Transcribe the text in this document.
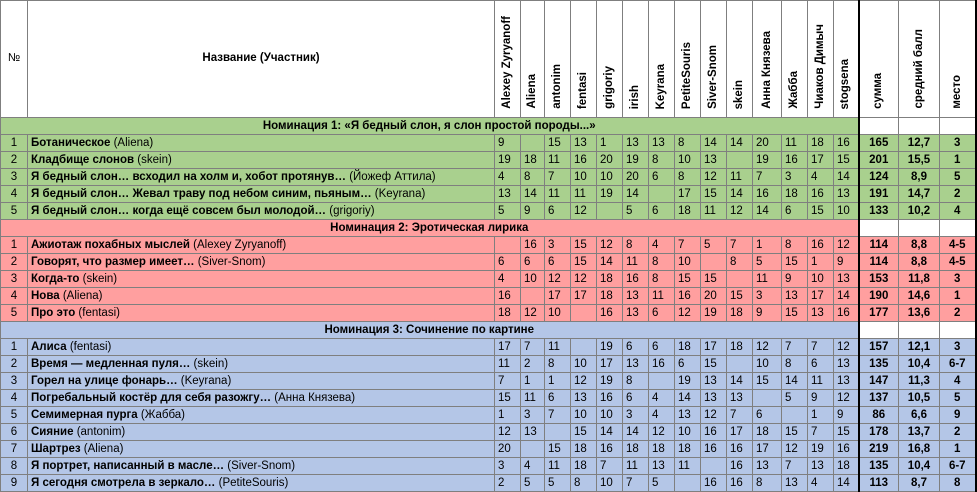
№	Название (Участник)	Alexey Zyryanoff	Aliena	antonim	fentasi	grigoriy	irish	Keyrana	PetiteSouris	Siver-Snom	skein	Анна Князева	Жабба	Чиаков Димыч	stogsena	сумма	средний балл	место
Номинация 1: «Я бедный слон, я слон простой породы...»																		
1	Ботаническое (Aliena)	9		15	13	1	13	13	8	14	14	20	11	18	16	165	12,7	3
2	Кладбище слонов (skein)	19	18	11	16	20	19	8	10	13		19	16	17	15	201	15,5	1
3	Я бедный слон… всходил на холм и, хобот протянув… (Йожеф Аттила)	4	8	7	10	10	20	6	8	12	11	7	3	4	14	124	8,9	5
4	Я бедный слон… Жевал траву под небом синим, пьяным… (Keyrana)	13	14	11	11	19	14		17	15	14	16	18	16	13	191	14,7	2
5	Я бедный слон… когда ещё совсем был молодой… (grigoriy)	5	9	6	12		5	6	18	11	12	14	6	15	10	133	10,2	4
Номинация 2: Эротическая лирика																		
1	Ажиотаж похабных мыслей (Alexey Zyryanoff)		16	3	15	12	8	4	7	5	7	1	8	16	12	114	8,8	4-5
2	Говорят, что размер имеет… (Siver-Snom)	6	6	6	15	14	11	8	10		8	5	15	1	9	114	8,8	4-5
3	Когда-то (skein)	4	10	12	12	18	16	8	15	15		11	9	10	13	153	11,8	3
4	Нова (Aliena)	16		17	17	18	13	11	16	20	15	3	13	17	14	190	14,6	1
5	Про это (fentasi)	18	12	10		16	13	6	12	19	18	9	15	13	16	177	13,6	2
Номинация 3: Сочинение по картине																		
1	Алиса (fentasi)	17	7	11		19	6	6	18	17	18	12	7	7	12	157	12,1	3
2	Время — медленная пуля… (skein)	11	2	8	10	17	13	16	6	15		10	8	6	13	135	10,4	6-7
3	Горел на улице фонарь… (Keyrana)	7	1	1	12	19	8		19	13	14	15	14	11	13	147	11,3	4
4	Погребальный костёр для себя разожгу… (Анна Князева)	15	11	6	13	16	6	4	14	13	13		5	9	12	137	10,5	5
5	Семимерная пурга (Жабба)	1	3	7	10	10	3	4	13	12	7	6		1	9	86	6,6	9
6	Сияние (antonim)	12	13		15	14	14	12	10	16	17	18	15	7	15	178	13,7	2
7	Шартрез (Aliena)	20		15	18	16	18	18	18	16	16	17	12	19	16	219	16,8	1
8	Я портрет, написанный в масле… (Siver-Snom)	3	4	11	18	7	11	13	11		16	13	7	13	18	135	10,4	6-7
9	Я сегодня смотрела в зеркало… (PetiteSouris)	2	5	5	8	10	7	5		16	16	8	13	4	14	113	8,7	8
